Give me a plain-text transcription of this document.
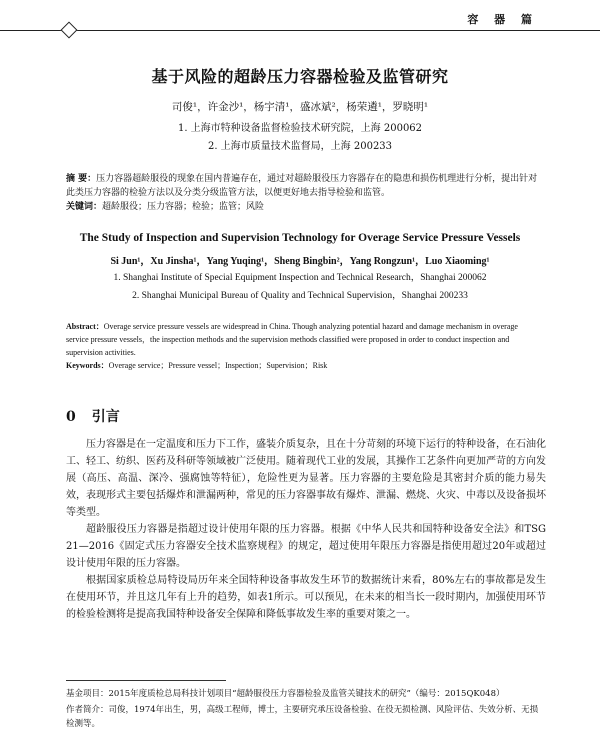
容 器 篇
基于风险的超龄压力容器检验及监管研究
司俊¹，许金沙¹，杨宇清¹，盛冰斌²，杨荣遴¹，罗晓明¹
1. 上海市特种设备监督检验技术研究院，上海 200062
2. 上海市质量技术监督局，上海 200233
摘 要：压力容器超龄服役的现象在国内普遍存在，通过对超龄服役压力容器存在的隐患和损伤机理进行分析，提出针对此类压力容器的检验方法以及分类分级监管方法，以便更好地去指导检验和监管。
关键词：超龄服役；压力容器；检验；监管；风险
The Study of Inspection and Supervision Technology for Overage Service Pressure Vessels
Si Jun¹，Xu Jinsha¹，Yang Yuqing¹，Sheng Bingbin²，Yang Rongzun¹，Luo Xiaoming¹
1. Shanghai Institute of Special Equipment Inspection and Technical Research，Shanghai 200062
2. Shanghai Municipal Bureau of Quality and Technical Supervision，Shanghai 200233
Abstract：Overage service pressure vessels are widespread in China. Though analyzing potential hazard and damage mechanism in overage service pressure vessels，the inspection methods and the supervision methods classified were proposed in order to conduct inspection and supervision activities.
Keywords：Overage service；Pressure vessel；Inspection；Supervision；Risk
0 引言

压力容器是在一定温度和压力下工作，盛装介质复杂，且在十分苛刻的环境下运行的特种设备，在石油化工、轻工、纺织、医药及科研等领域被广泛使用。随着现代工业的发展，其操作工艺条件向更加严苛的方向发展（高压、高温、深冷、强腐蚀等特征），危险性更为显著。压力容器的主要危险是其密封介质的能力易失效，表现形式主要包括爆炸和泄漏两种，常见的压力容器事故有爆炸、泄漏、燃烧、火灾、中毒以及设备损坏等类型。

超龄服役压力容器是指超过设计使用年限的压力容器。根据《中华人民共和国特种设备安全法》和TSG 21—2016《固定式压力容器安全技术监察规程》的规定，超过使用年限压力容器是指使用超过20年或超过设计使用年限的压力容器。

根据国家质检总局特设局历年来全国特种设备事故发生环节的数据统计来看，80%左右的事故都是发生在使用环节，并且这几年有上升的趋势，如表1所示。可以预见，在未来的相当长一段时期内，加强使用环节的检验检测将是提高我国特种设备安全保障和降低事故发生率的重要对策之一。

基金项目：2015年度质检总局科技计划项目“超龄服役压力容器检验及监管关键技术的研究”（编号：2015QK048）
作者简介：司俊，1974年出生，男，高级工程师，博士，主要研究承压设备检验、在役无损检测、风险评估、失效分析、无损检测等。
